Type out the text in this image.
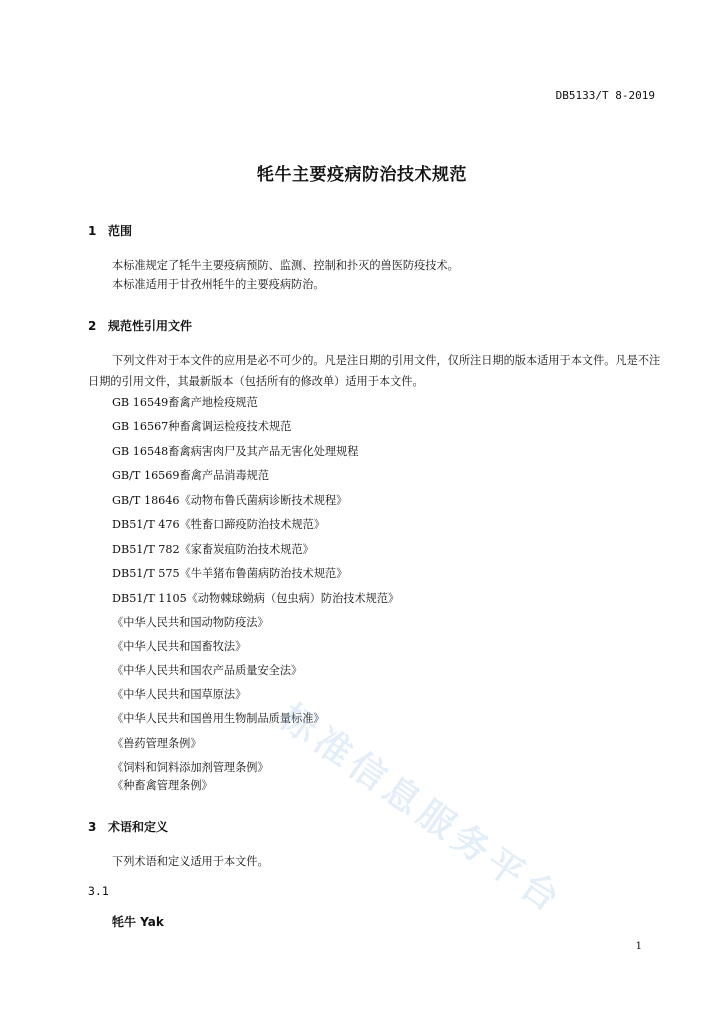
DB5133/T 8-2019
牦牛主要疫病防治技术规范
1 范围
本标准规定了牦牛主要疫病预防、监测、控制和扑灭的兽医防疫技术。
本标准适用于甘孜州牦牛的主要疫病防治。
2 规范性引用文件
下列文件对于本文件的应用是必不可少的。凡是注日期的引用文件，仅所注日期的版本适用于本文件。凡是不注日期的引用文件，其最新版本（包括所有的修改单）适用于本文件。
GB 16549畜禽产地检疫规范
GB 16567种畜禽调运检疫技术规范
GB 16548畜禽病害肉尸及其产品无害化处理规程
GB/T 16569畜禽产品消毒规范
GB/T 18646《动物布鲁氏菌病诊断技术规程》
DB51/T 476《牲畜口蹄疫防治技术规范》
DB51/T 782《家畜炭疽防治技术规范》
DB51/T 575《牛羊猪布鲁菌病防治技术规范》
DB51/T 1105《动物棘球蚴病（包虫病）防治技术规范》
《中华人民共和国动物防疫法》
《中华人民共和国畜牧法》
《中华人民共和国农产品质量安全法》
《中华人民共和国草原法》
《中华人民共和国兽用生物制品质量标准》
《兽药管理条例》
《饲料和饲料添加剂管理条例》
《种畜禽管理条例》
3 术语和定义
下列术语和定义适用于本文件。
3.1
牦牛 Yak	标准信息服务平台
1
